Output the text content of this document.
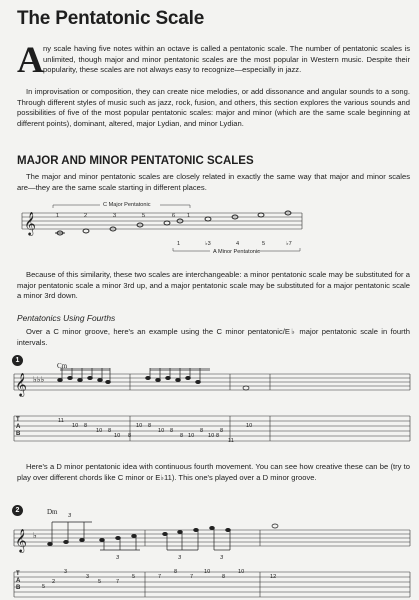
The Pentatonic Scale
A ny scale having five notes within an octave is called a pentatonic scale. The number of pentatonic scales is unlimited, though major and minor pentatonic scales are the most popular in Western music. Despite their popularity, these scales are not always easy to recognize—especially in jazz.

In improvisation or composition, they can create nice melodies, or add dissonance and angular sounds to a song. Through different styles of music such as jazz, rock, fusion, and others, this section explores the various sounds and possibilities of five of the most popular pentatonic scales: major and minor (which are the same scale beginning at different points), dominant, altered, major Lydian, and minor Lydian.

MAJOR AND MINOR PENTATONIC SCALES

The major and minor pentatonic scales are closely related in exactly the same way that major and minor scales are—they are the same scale starting in different places.

𝄞
C Major Pentatonic
1	2	3	5	6 1
1	♭3	4	5	♭7
A Minor Pentatonic

Because of this similarity, these two scales are interchangeable: a minor pentatonic scale may be substituted for a major pentatonic scale a minor 3rd up, and a major pentatonic scale may be substituted for a major pentatonic scale a minor 3rd down.

Pentatonics Using Fourths

Over a C minor groove, here's an example using the C minor pentatonic/E♭ major pentatonic scale in fourth intervals.

1
Cm
𝄞 ♭♭♭
T
A
B
11
10 8
10 8
10 8
10 8
10 8
8 10
8
10 8
8
11
10

Here's a D minor pentatonic idea with continuous fourth movement. You can see how creative these can be (try to play over different chords like C minor or E♭11). This one's played over a D minor groove.

2	Dm 3
𝄞 ♭
3	3	3
T
A
B
3
5
2
3
5	7
5	7
8
7
10
8
10
12
